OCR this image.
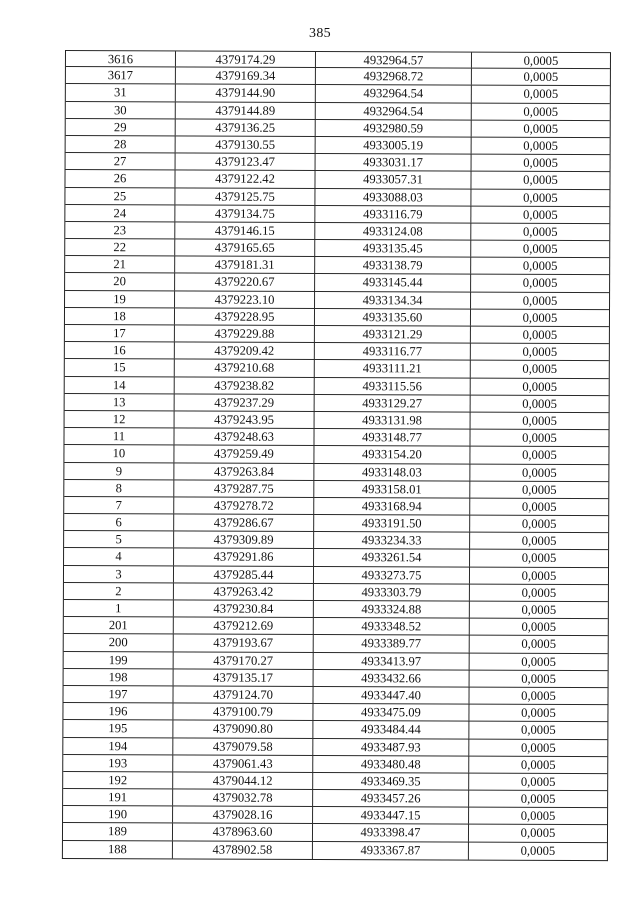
385
3616	4379174.29	4932964.57	0,0005
3617	4379169.34	4932968.72	0,0005
31	4379144.90	4932964.54	0,0005
30	4379144.89	4932964.54	0,0005
29	4379136.25	4932980.59	0,0005
28	4379130.55	4933005.19	0,0005
27	4379123.47	4933031.17	0,0005
26	4379122.42	4933057.31	0,0005
25	4379125.75	4933088.03	0,0005
24	4379134.75	4933116.79	0,0005
23	4379146.15	4933124.08	0,0005
22	4379165.65	4933135.45	0,0005
21	4379181.31	4933138.79	0,0005
20	4379220.67	4933145.44	0,0005
19	4379223.10	4933134.34	0,0005
18	4379228.95	4933135.60	0,0005
17	4379229.88	4933121.29	0,0005
16	4379209.42	4933116.77	0,0005
15	4379210.68	4933111.21	0,0005
14	4379238.82	4933115.56	0,0005
13	4379237.29	4933129.27	0,0005
12	4379243.95	4933131.98	0,0005
11	4379248.63	4933148.77	0,0005
10	4379259.49	4933154.20	0,0005
9	4379263.84	4933148.03	0,0005
8	4379287.75	4933158.01	0,0005
7	4379278.72	4933168.94	0,0005
6	4379286.67	4933191.50	0,0005
5	4379309.89	4933234.33	0,0005
4	4379291.86	4933261.54	0,0005
3	4379285.44	4933273.75	0,0005
2	4379263.42	4933303.79	0,0005
1	4379230.84	4933324.88	0,0005
201	4379212.69	4933348.52	0,0005
200	4379193.67	4933389.77	0,0005
199	4379170.27	4933413.97	0,0005
198	4379135.17	4933432.66	0,0005
197	4379124.70	4933447.40	0,0005
196	4379100.79	4933475.09	0,0005
195	4379090.80	4933484.44	0,0005
194	4379079.58	4933487.93	0,0005
193	4379061.43	4933480.48	0,0005
192	4379044.12	4933469.35	0,0005
191	4379032.78	4933457.26	0,0005
190	4379028.16	4933447.15	0,0005
189	4378963.60	4933398.47	0,0005
188	4378902.58	4933367.87	0,0005
